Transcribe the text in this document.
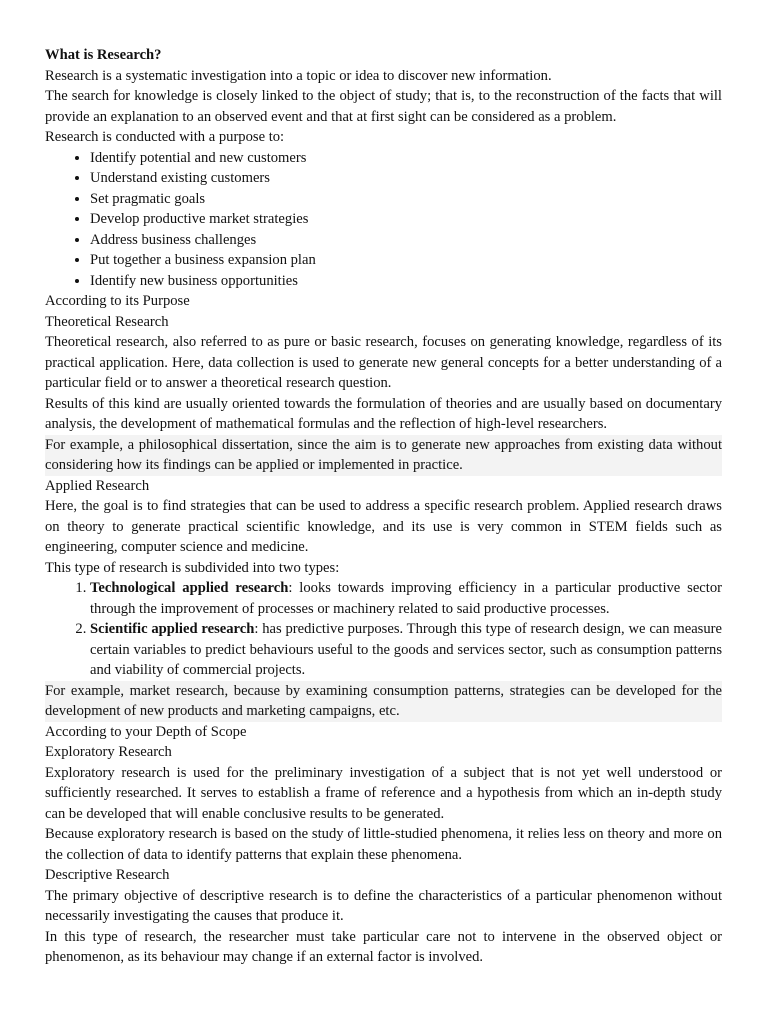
What is Research?

Research is a systematic investigation into a topic or idea to discover new information.

The search for knowledge is closely linked to the object of study; that is, to the reconstruction of the facts that will provide an explanation to an observed event and that at first sight can be considered as a problem.

Research is conducted with a purpose to:

• Identify potential and new customers
• Understand existing customers
• Set pragmatic goals
• Develop productive market strategies
• Address business challenges
• Put together a business expansion plan
• Identify new business opportunities

According to its Purpose

Theoretical Research

Theoretical research, also referred to as pure or basic research, focuses on generating knowledge, regardless of its practical application. Here, data collection is used to generate new general concepts for a better understanding of a particular field or to answer a theoretical research question.

Results of this kind are usually oriented towards the formulation of theories and are usually based on documentary analysis, the development of mathematical formulas and the reflection of high-level researchers.

For example, a philosophical dissertation, since the aim is to generate new approaches from existing data without considering how its findings can be applied or implemented in practice.

Applied Research

Here, the goal is to find strategies that can be used to address a specific research problem. Applied research draws on theory to generate practical scientific knowledge, and its use is very common in STEM fields such as engineering, computer science and medicine.

This type of research is subdivided into two types:

1. Technological applied research: looks towards improving efficiency in a particular productive sector through the improvement of processes or machinery related to said productive processes.
2. Scientific applied research: has predictive purposes. Through this type of research design, we can measure certain variables to predict behaviours useful to the goods and services sector, such as consumption patterns and viability of commercial projects.

For example, market research, because by examining consumption patterns, strategies can be developed for the development of new products and marketing campaigns, etc.

According to your Depth of Scope

Exploratory Research

Exploratory research is used for the preliminary investigation of a subject that is not yet well understood or sufficiently researched. It serves to establish a frame of reference and a hypothesis from which an in-depth study can be developed that will enable conclusive results to be generated.

Because exploratory research is based on the study of little-studied phenomena, it relies less on theory and more on the collection of data to identify patterns that explain these phenomena.

Descriptive Research

The primary objective of descriptive research is to define the characteristics of a particular phenomenon without necessarily investigating the causes that produce it.

In this type of research, the researcher must take particular care not to intervene in the observed object or phenomenon, as its behaviour may change if an external factor is involved.
